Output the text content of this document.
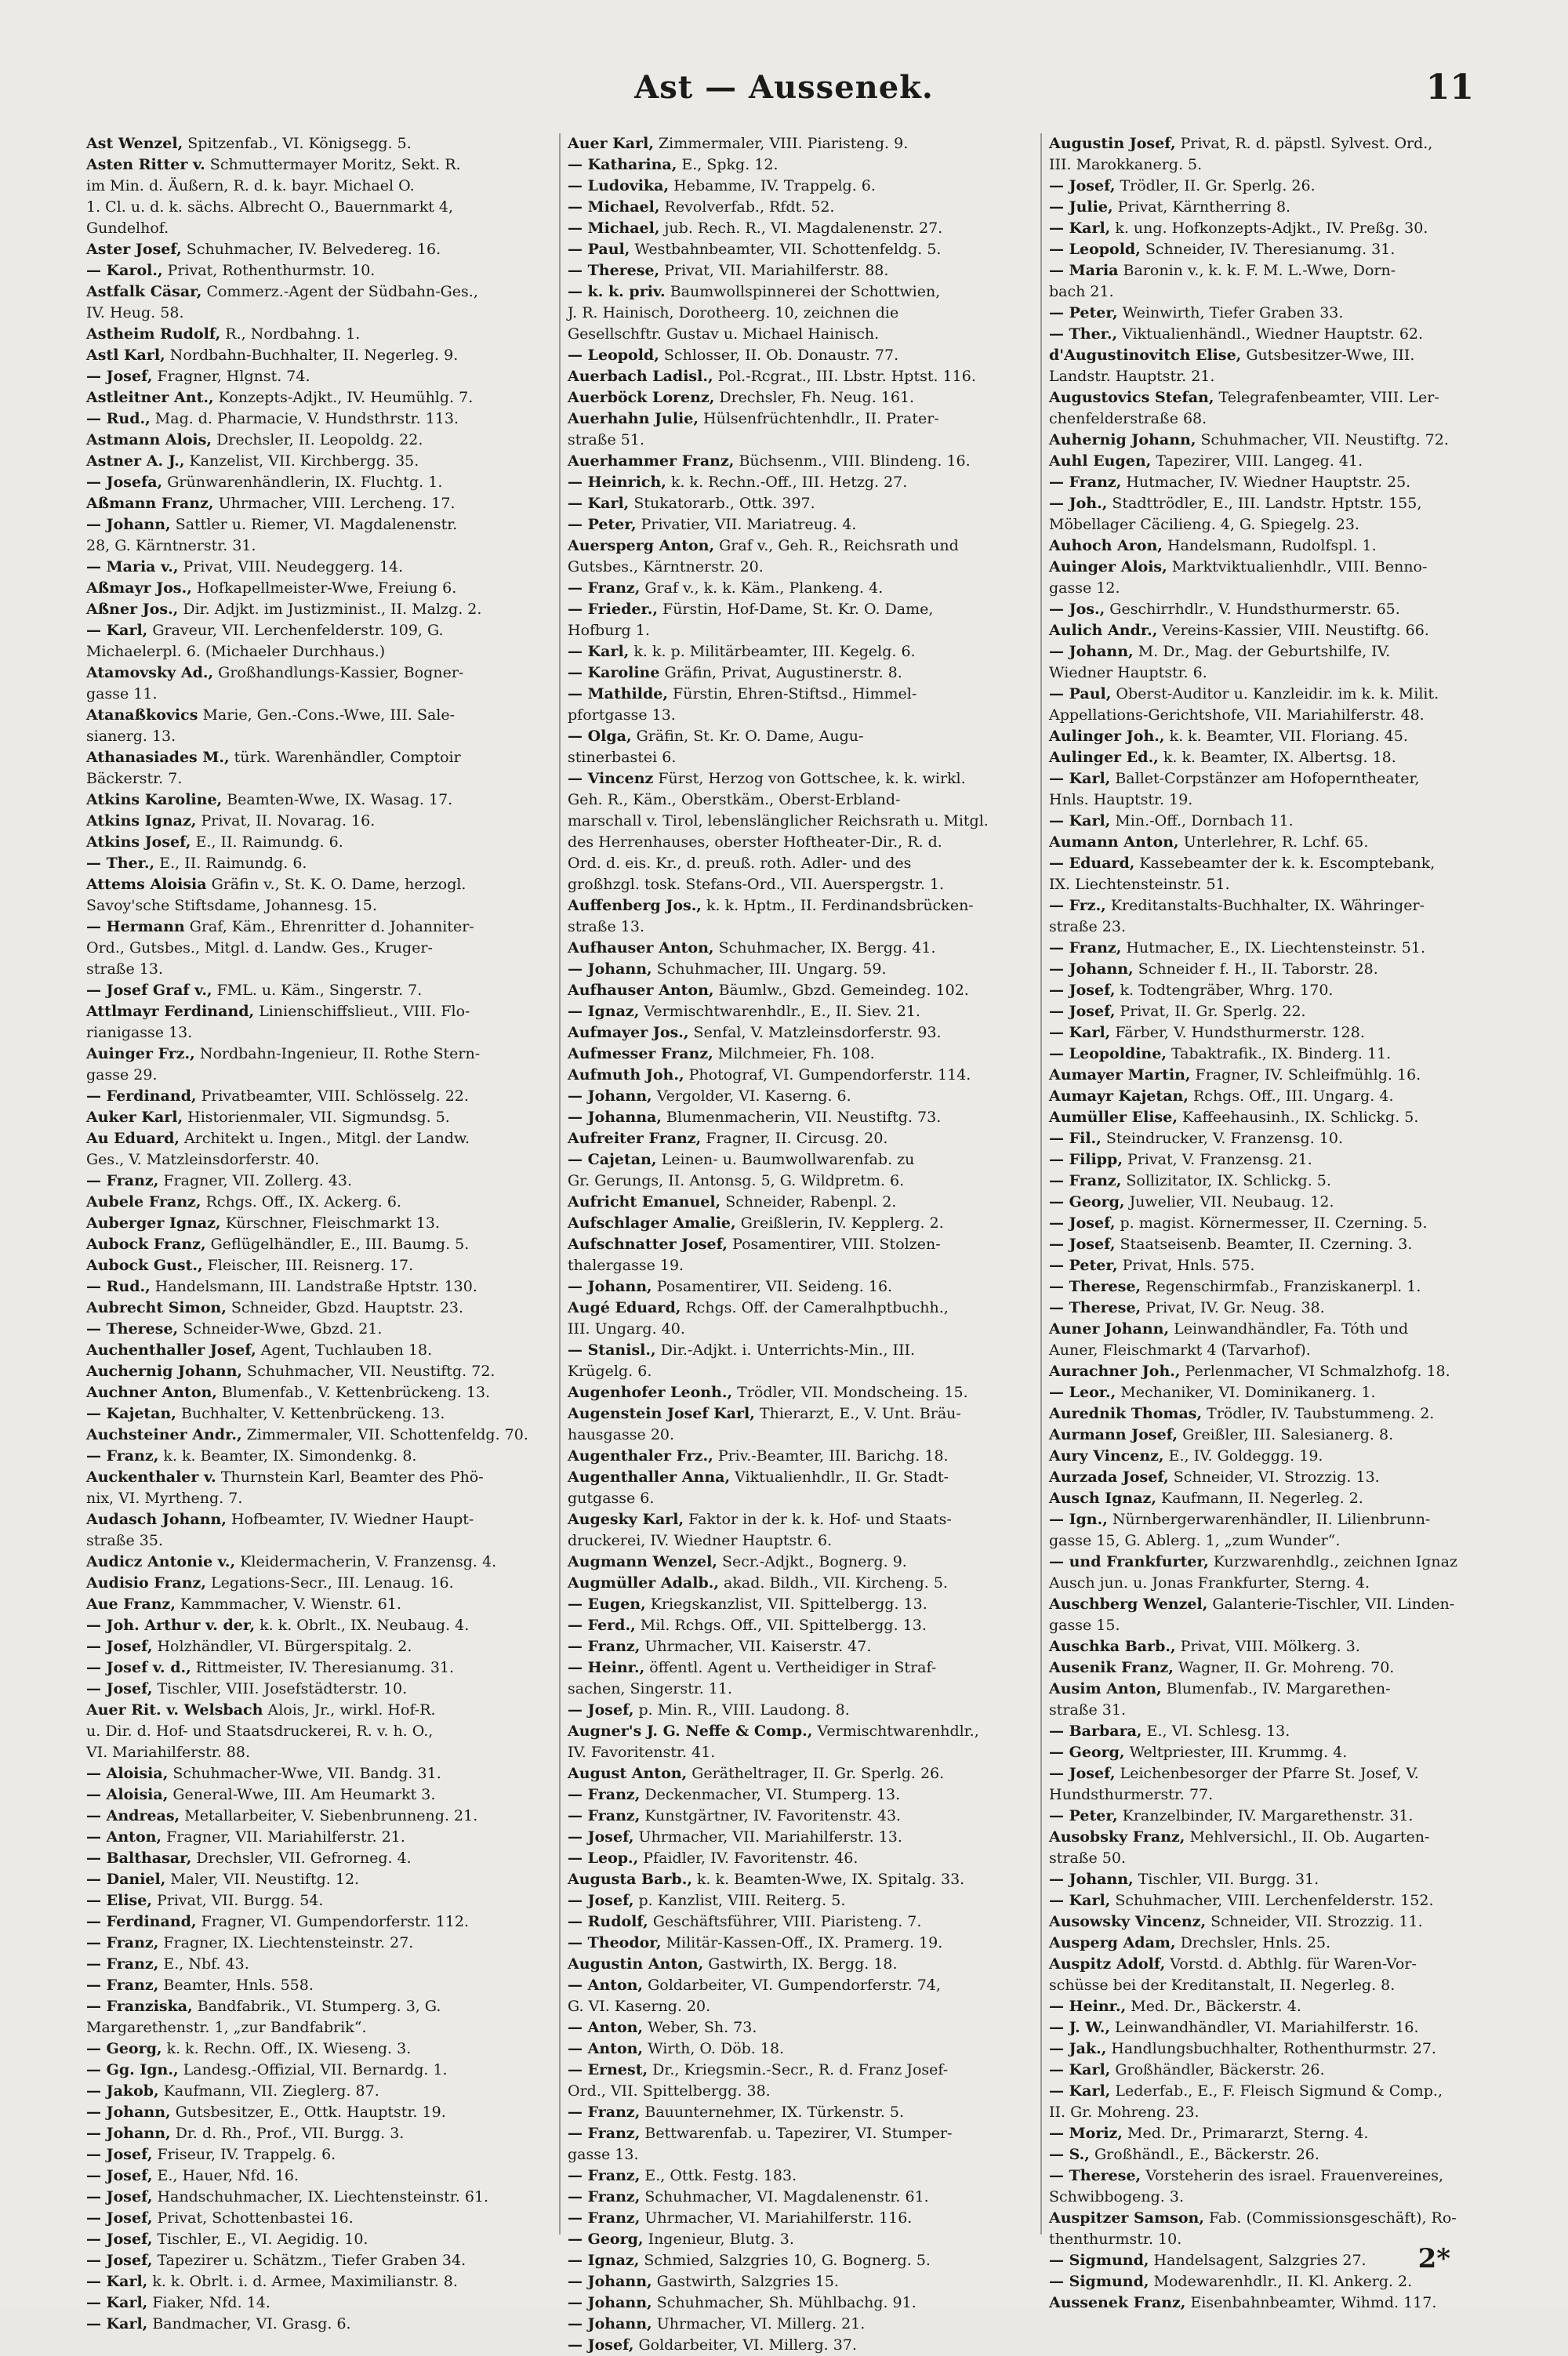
Ast — Aussenek.	11

Ast Wenzel, Spitzenfab., VI. Königsegg. 5.

Asten Ritter v. Schmuttermayer Moritz, Sekt. R.

im Min. d. Äußern, R. d. k. bayr. Michael O.

1. Cl. u. d. k. sächs. Albrecht O., Bauernmarkt 4,

Gundelhof.

Aster Josef, Schuhmacher, IV. Belvedereg. 16.

— Karol., Privat, Rothenthurmstr. 10.

Astfalk Cäsar, Commerz.-Agent der Südbahn-Ges.,

IV. Heug. 58.

Astheim Rudolf, R., Nordbahng. 1.

Astl Karl, Nordbahn-Buchhalter, II. Negerleg. 9.

— Josef, Fragner, Hlgnst. 74.

Astleitner Ant., Konzepts-Adjkt., IV. Heumühlg. 7.

— Rud., Mag. d. Pharmacie, V. Hundsthrstr. 113.

Astmann Alois, Drechsler, II. Leopoldg. 22.

Astner A. J., Kanzelist, VII. Kirchbergg. 35.

— Josefa, Grünwarenhändlerin, IX. Fluchtg. 1.

Aßmann Franz, Uhrmacher, VIII. Lercheng. 17.

— Johann, Sattler u. Riemer, VI. Magdalenenstr.

28, G. Kärntnerstr. 31.

— Maria v., Privat, VIII. Neudeggerg. 14.

Aßmayr Jos., Hofkapellmeister-Wwe, Freiung 6.

Aßner Jos., Dir. Adjkt. im Justizminist., II. Malzg. 2.

— Karl, Graveur, VII. Lerchenfelderstr. 109, G.

Michaelerpl. 6. (Michaeler Durchhaus.)

Atamovsky Ad., Großhandlungs-Kassier, Bogner-

gasse 11.

Atanaßkovics Marie, Gen.-Cons.-Wwe, III. Sale-

sianerg. 13.

Athanasiades M., türk. Warenhändler, Comptoir

Bäckerstr. 7.

Atkins Karoline, Beamten-Wwe, IX. Wasag. 17.

Atkins Ignaz, Privat, II. Novarag. 16.

Atkins Josef, E., II. Raimundg. 6.

— Ther., E., II. Raimundg. 6.

Attems Aloisia Gräfin v., St. K. O. Dame, herzogl.

Savoy'sche Stiftsdame, Johannesg. 15.

— Hermann Graf, Käm., Ehrenritter d. Johanniter-

Ord., Gutsbes., Mitgl. d. Landw. Ges., Kruger-

straße 13.

— Josef Graf v., FML. u. Käm., Singerstr. 7.

Attlmayr Ferdinand, Linienschiffslieut., VIII. Flo-

rianigasse 13.

Auinger Frz., Nordbahn-Ingenieur, II. Rothe Stern-

gasse 29.

— Ferdinand, Privatbeamter, VIII. Schlösselg. 22.

Auker Karl, Historienmaler, VII. Sigmundsg. 5.

Au Eduard, Architekt u. Ingen., Mitgl. der Landw.

Ges., V. Matzleinsdorferstr. 40.

— Franz, Fragner, VII. Zollerg. 43.

Aubele Franz, Rchgs. Off., IX. Ackerg. 6.

Auberger Ignaz, Kürschner, Fleischmarkt 13.

Aubock Franz, Geflügelhändler, E., III. Baumg. 5.

Aubock Gust., Fleischer, III. Reisnerg. 17.

— Rud., Handelsmann, III. Landstraße Hptstr. 130.

Aubrecht Simon, Schneider, Gbzd. Hauptstr. 23.

— Therese, Schneider-Wwe, Gbzd. 21.

Auchenthaller Josef, Agent, Tuchlauben 18.

Auchernig Johann, Schuhmacher, VII. Neustiftg. 72.

Auchner Anton, Blumenfab., V. Kettenbrückeng. 13.

— Kajetan, Buchhalter, V. Kettenbrückeng. 13.

Auchsteiner Andr., Zimmermaler, VII. Schottenfeldg. 70.

— Franz, k. k. Beamter, IX. Simondenkg. 8.

Auckenthaler v. Thurnstein Karl, Beamter des Phö-

nix, VI. Myrtheng. 7.

Audasch Johann, Hofbeamter, IV. Wiedner Haupt-

straße 35.

Audicz Antonie v., Kleidermacherin, V. Franzensg. 4.

Audisio Franz, Legations-Secr., III. Lenaug. 16.

Aue Franz, Kammmacher, V. Wienstr. 61.

— Joh. Arthur v. der, k. k. Obrlt., IX. Neubaug. 4.

— Josef, Holzhändler, VI. Bürgerspitalg. 2.

— Josef v. d., Rittmeister, IV. Theresianumg. 31.

— Josef, Tischler, VIII. Josefstädterstr. 10.

Auer Rit. v. Welsbach Alois, Jr., wirkl. Hof-R.

u. Dir. d. Hof- und Staatsdruckerei, R. v. h. O.,

VI. Mariahilferstr. 88.

— Aloisia, Schuhmacher-Wwe, VII. Bandg. 31.

— Aloisia, General-Wwe, III. Am Heumarkt 3.

— Andreas, Metallarbeiter, V. Siebenbrunneng. 21.

— Anton, Fragner, VII. Mariahilferstr. 21.

— Balthasar, Drechsler, VII. Gefrorneg. 4.

— Daniel, Maler, VII. Neustiftg. 12.

— Elise, Privat, VII. Burgg. 54.

— Ferdinand, Fragner, VI. Gumpendorferstr. 112.

— Franz, Fragner, IX. Liechtensteinstr. 27.

— Franz, E., Nbf. 43.

— Franz, Beamter, Hnls. 558.

— Franziska, Bandfabrik., VI. Stumperg. 3, G.

Margarethenstr. 1, „zur Bandfabrik“.

— Georg, k. k. Rechn. Off., IX. Wieseng. 3.

— Gg. Ign., Landesg.-Offizial, VII. Bernardg. 1.

— Jakob, Kaufmann, VII. Zieglerg. 87.

— Johann, Gutsbesitzer, E., Ottk. Hauptstr. 19.

— Johann, Dr. d. Rh., Prof., VII. Burgg. 3.

— Josef, Friseur, IV. Trappelg. 6.

— Josef, E., Hauer, Nfd. 16.

— Josef, Handschuhmacher, IX. Liechtensteinstr. 61.

— Josef, Privat, Schottenbastei 16.

— Josef, Tischler, E., VI. Aegidig. 10.

— Josef, Tapezirer u. Schätzm., Tiefer Graben 34.

— Karl, k. k. Obrlt. i. d. Armee, Maximilianstr. 8.

— Karl, Fiaker, Nfd. 14.

— Karl, Bandmacher, VI. Grasg. 6.

Auer Karl, Zimmermaler, VIII. Piaristeng. 9.

— Katharina, E., Spkg. 12.

— Ludovika, Hebamme, IV. Trappelg. 6.

— Michael, Revolverfab., Rfdt. 52.

— Michael, jub. Rech. R., VI. Magdalenenstr. 27.

— Paul, Westbahnbeamter, VII. Schottenfeldg. 5.

— Therese, Privat, VII. Mariahilferstr. 88.

— k. k. priv. Baumwollspinnerei der Schottwien,

J. R. Hainisch, Dorotheerg. 10, zeichnen die

Gesellschftr. Gustav u. Michael Hainisch.

— Leopold, Schlosser, II. Ob. Donaustr. 77.

Auerbach Ladisl., Pol.-Rcgrat., III. Lbstr. Hptst. 116.

Auerböck Lorenz, Drechsler, Fh. Neug. 161.

Auerhahn Julie, Hülsenfrüchtenhdlr., II. Prater-

straße 51.

Auerhammer Franz, Büchsenm., VIII. Blindeng. 16.

— Heinrich, k. k. Rechn.-Off., III. Hetzg. 27.

— Karl, Stukatorarb., Ottk. 397.

— Peter, Privatier, VII. Mariatreug. 4.

Auersperg Anton, Graf v., Geh. R., Reichsrath und

Gutsbes., Kärntnerstr. 20.

— Franz, Graf v., k. k. Käm., Plankeng. 4.

— Frieder., Fürstin, Hof-Dame, St. Kr. O. Dame,

Hofburg 1.

— Karl, k. k. p. Militärbeamter, III. Kegelg. 6.

— Karoline Gräfin, Privat, Augustinerstr. 8.

— Mathilde, Fürstin, Ehren-Stiftsd., Himmel-

pfortgasse 13.

— Olga, Gräfin, St. Kr. O. Dame, Augu-

stinerbastei 6.

— Vincenz Fürst, Herzog von Gottschee, k. k. wirkl.

Geh. R., Käm., Oberstkäm., Oberst-Erbland-

marschall v. Tirol, lebenslänglicher Reichsrath u. Mitgl.

des Herrenhauses, oberster Hoftheater-Dir., R. d.

Ord. d. eis. Kr., d. preuß. roth. Adler- und des

großhzgl. tosk. Stefans-Ord., VII. Auerspergstr. 1.

Auffenberg Jos., k. k. Hptm., II. Ferdinandsbrücken-

straße 13.

Aufhauser Anton, Schuhmacher, IX. Bergg. 41.

— Johann, Schuhmacher, III. Ungarg. 59.

Aufhauser Anton, Bäumlw., Gbzd. Gemeindeg. 102.

— Ignaz, Vermischtwarenhdlr., E., II. Siev. 21.

Aufmayer Jos., Senfal, V. Matzleinsdorferstr. 93.

Aufmesser Franz, Milchmeier, Fh. 108.

Aufmuth Joh., Photograf, VI. Gumpendorferstr. 114.

— Johann, Vergolder, VI. Kaserng. 6.

— Johanna, Blumenmacherin, VII. Neustiftg. 73.

Aufreiter Franz, Fragner, II. Circusg. 20.

— Cajetan, Leinen- u. Baumwollwarenfab. zu

Gr. Gerungs, II. Antonsg. 5, G. Wildpretm. 6.

Aufricht Emanuel, Schneider, Rabenpl. 2.

Aufschlager Amalie, Greißlerin, IV. Kepplerg. 2.

Aufschnatter Josef, Posamentirer, VIII. Stolzen-

thalergasse 19.

— Johann, Posamentirer, VII. Seideng. 16.

Augé Eduard, Rchgs. Off. der Cameralhptbuchh.,

III. Ungarg. 40.

— Stanisl., Dir.-Adjkt. i. Unterrichts-Min., III.

Krügelg. 6.

Augenhofer Leonh., Trödler, VII. Mondscheing. 15.

Augenstein Josef Karl, Thierarzt, E., V. Unt. Bräu-

hausgasse 20.

Augenthaler Frz., Priv.-Beamter, III. Barichg. 18.

Augenthaller Anna, Viktualienhdlr., II. Gr. Stadt-

gutgasse 6.

Augesky Karl, Faktor in der k. k. Hof- und Staats-

druckerei, IV. Wiedner Hauptstr. 6.

Augmann Wenzel, Secr.-Adjkt., Bognerg. 9.

Augmüller Adalb., akad. Bildh., VII. Kircheng. 5.

— Eugen, Kriegskanzlist, VII. Spittelbergg. 13.

— Ferd., Mil. Rchgs. Off., VII. Spittelbergg. 13.

— Franz, Uhrmacher, VII. Kaiserstr. 47.

— Heinr., öffentl. Agent u. Vertheidiger in Straf-

sachen, Singerstr. 11.

— Josef, p. Min. R., VIII. Laudong. 8.

Augner's J. G. Neffe & Comp., Vermischtwarenhdlr.,

IV. Favoritenstr. 41.

August Anton, Gerätheltrager, II. Gr. Sperlg. 26.

— Franz, Deckenmacher, VI. Stumperg. 13.

— Franz, Kunstgärtner, IV. Favoritenstr. 43.

— Josef, Uhrmacher, VII. Mariahilferstr. 13.

— Leop., Pfaidler, IV. Favoritenstr. 46.

Augusta Barb., k. k. Beamten-Wwe, IX. Spitalg. 33.

— Josef, p. Kanzlist, VIII. Reiterg. 5.

— Rudolf, Geschäftsführer, VIII. Piaristeng. 7.

— Theodor, Militär-Kassen-Off., IX. Pramerg. 19.

Augustin Anton, Gastwirth, IX. Bergg. 18.

— Anton, Goldarbeiter, VI. Gumpendorferstr. 74,

G. VI. Kaserng. 20.

— Anton, Weber, Sh. 73.

— Anton, Wirth, O. Döb. 18.

— Ernest, Dr., Kriegsmin.-Secr., R. d. Franz Josef-

Ord., VII. Spittelbergg. 38.

— Franz, Bauunternehmer, IX. Türkenstr. 5.

— Franz, Bettwarenfab. u. Tapezirer, VI. Stumper-

gasse 13.

— Franz, E., Ottk. Festg. 183.

— Franz, Schuhmacher, VI. Magdalenenstr. 61.

— Franz, Uhrmacher, VI. Mariahilferstr. 116.

— Georg, Ingenieur, Blutg. 3.

— Ignaz, Schmied, Salzgries 10, G. Bognerg. 5.

— Johann, Gastwirth, Salzgries 15.

— Johann, Schuhmacher, Sh. Mühlbachg. 91.

— Johann, Uhrmacher, VI. Millerg. 21.

— Josef, Goldarbeiter, VI. Millerg. 37.

Augustin Josef, Privat, R. d. päpstl. Sylvest. Ord.,

III. Marokkanerg. 5.

— Josef, Trödler, II. Gr. Sperlg. 26.

— Julie, Privat, Kärntherring 8.

— Karl, k. ung. Hofkonzepts-Adjkt., IV. Preßg. 30.

— Leopold, Schneider, IV. Theresianumg. 31.

— Maria Baronin v., k. k. F. M. L.-Wwe, Dorn-

bach 21.

— Peter, Weinwirth, Tiefer Graben 33.

— Ther., Viktualienhändl., Wiedner Hauptstr. 62.

d'Augustinovitch Elise, Gutsbesitzer-Wwe, III.

Landstr. Hauptstr. 21.

Augustovics Stefan, Telegrafenbeamter, VIII. Ler-

chenfelderstraße 68.

Auhernig Johann, Schuhmacher, VII. Neustiftg. 72.

Auhl Eugen, Tapezirer, VIII. Langeg. 41.

— Franz, Hutmacher, IV. Wiedner Hauptstr. 25.

— Joh., Stadttrödler, E., III. Landstr. Hptstr. 155,

Möbellager Cäcilieng. 4, G. Spiegelg. 23.

Auhoch Aron, Handelsmann, Rudolfspl. 1.

Auinger Alois, Marktviktualienhdlr., VIII. Benno-

gasse 12.

— Jos., Geschirrhdlr., V. Hundsthurmerstr. 65.

Aulich Andr., Vereins-Kassier, VIII. Neustiftg. 66.

— Johann, M. Dr., Mag. der Geburtshilfe, IV.

Wiedner Hauptstr. 6.

— Paul, Oberst-Auditor u. Kanzleidir. im k. k. Milit.

Appellations-Gerichtshofe, VII. Mariahilferstr. 48.

Aulinger Joh., k. k. Beamter, VII. Floriang. 45.

Aulinger Ed., k. k. Beamter, IX. Albertsg. 18.

— Karl, Ballet-Corpstänzer am Hofoperntheater,

Hnls. Hauptstr. 19.

— Karl, Min.-Off., Dornbach 11.

Aumann Anton, Unterlehrer, R. Lchf. 65.

— Eduard, Kassebeamter der k. k. Escomptebank,

IX. Liechtensteinstr. 51.

— Frz., Kreditanstalts-Buchhalter, IX. Währinger-

straße 23.

— Franz, Hutmacher, E., IX. Liechtensteinstr. 51.

— Johann, Schneider f. H., II. Taborstr. 28.

— Josef, k. Todtengräber, Whrg. 170.

— Josef, Privat, II. Gr. Sperlg. 22.

— Karl, Färber, V. Hundsthurmerstr. 128.

— Leopoldine, Tabaktrafik., IX. Binderg. 11.

Aumayer Martin, Fragner, IV. Schleifmühlg. 16.

Aumayr Kajetan, Rchgs. Off., III. Ungarg. 4.

Aumüller Elise, Kaffeehausinh., IX. Schlickg. 5.

— Fil., Steindrucker, V. Franzensg. 10.

— Filipp, Privat, V. Franzensg. 21.

— Franz, Sollizitator, IX. Schlickg. 5.

— Georg, Juwelier, VII. Neubaug. 12.

— Josef, p. magist. Körnermesser, II. Czerning. 5.

— Josef, Staatseisenb. Beamter, II. Czerning. 3.

— Peter, Privat, Hnls. 575.

— Therese, Regenschirmfab., Franziskanerpl. 1.

— Therese, Privat, IV. Gr. Neug. 38.

Auner Johann, Leinwandhändler, Fa. Tóth und

Auner, Fleischmarkt 4 (Tarvarhof).

Aurachner Joh., Perlenmacher, VI Schmalzhofg. 18.

— Leor., Mechaniker, VI. Dominikanerg. 1.

Aurednik Thomas, Trödler, IV. Taubstummeng. 2.

Aurmann Josef, Greißler, III. Salesianerg. 8.

Aury Vincenz, E., IV. Goldeggg. 19.

Aurzada Josef, Schneider, VI. Strozzig. 13.

Ausch Ignaz, Kaufmann, II. Negerleg. 2.

— Ign., Nürnbergerwarenhändler, II. Lilienbrunn-

gasse 15, G. Ablerg. 1, „zum Wunder“.

— und Frankfurter, Kurzwarenhdlg., zeichnen Ignaz

Ausch jun. u. Jonas Frankfurter, Sterng. 4.

Auschberg Wenzel, Galanterie-Tischler, VII. Linden-

gasse 15.

Auschka Barb., Privat, VIII. Mölkerg. 3.

Ausenik Franz, Wagner, II. Gr. Mohreng. 70.

Ausim Anton, Blumenfab., IV. Margarethen-

straße 31.

— Barbara, E., VI. Schlesg. 13.

— Georg, Weltpriester, III. Krummg. 4.

— Josef, Leichenbesorger der Pfarre St. Josef, V.

Hundsthurmerstr. 77.

— Peter, Kranzelbinder, IV. Margarethenstr. 31.

Ausobsky Franz, Mehlversichl., II. Ob. Augarten-

straße 50.

— Johann, Tischler, VII. Burgg. 31.

— Karl, Schuhmacher, VIII. Lerchenfelderstr. 152.

Ausowsky Vincenz, Schneider, VII. Strozzig. 11.

Ausperg Adam, Drechsler, Hnls. 25.

Auspitz Adolf, Vorstd. d. Abthlg. für Waren-Vor-

schüsse bei der Kreditanstalt, II. Negerleg. 8.

— Heinr., Med. Dr., Bäckerstr. 4.

— J. W., Leinwandhändler, VI. Mariahilferstr. 16.

— Jak., Handlungsbuchhalter, Rothenthurmstr. 27.

— Karl, Großhändler, Bäckerstr. 26.

— Karl, Lederfab., E., F. Fleisch Sigmund & Comp.,

II. Gr. Mohreng. 23.

— Moriz, Med. Dr., Primararzt, Sterng. 4.

— S., Großhändl., E., Bäckerstr. 26.

— Therese, Vorsteherin des israel. Frauenvereines,

Schwibbogeng. 3.

Auspitzer Samson, Fab. (Commissionsgeschäft), Ro-

thenthurmstr. 10.

— Sigmund, Handelsagent, Salzgries 27.

— Sigmund, Modewarenhdlr., II. Kl. Ankerg. 2.

Aussenek Franz, Eisenbahnbeamter, Wihmd. 117.

2*
